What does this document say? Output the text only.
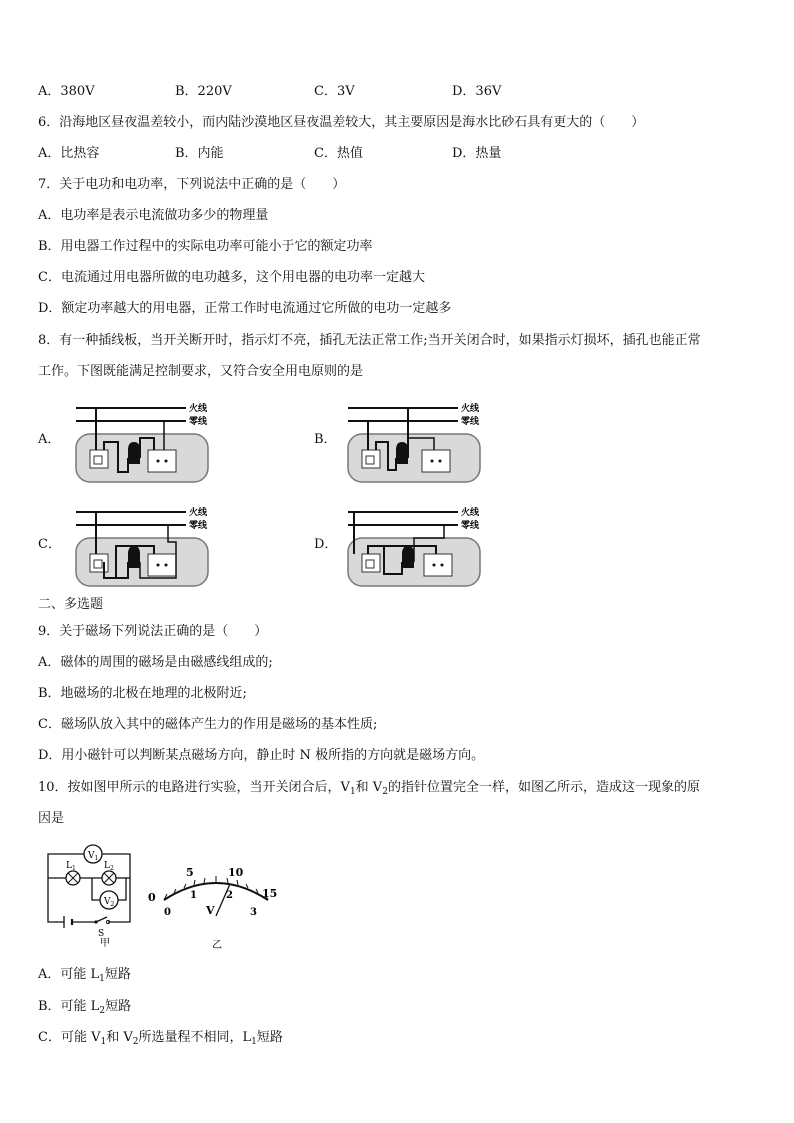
A．380V	B．220V	C．3V	D．36V
6．沿海地区昼夜温差较小，而内陆沙漠地区昼夜温差较大，其主要原因是海水比砂石具有更大的（　　）
A．比热容	B．内能	C．热值	D．热量
7．关于电功和电功率，下列说法中正确的是（　　）
A．电功率是表示电流做功多少的物理量
B．用电器工作过程中的实际电功率可能小于它的额定功率
C．电流通过用电器所做的电功越多，这个用电器的电功率一定越大
D．额定功率越大的用电器，正常工作时电流通过它所做的电功一定越多
8．有一种插线板，当开关断开时，指示灯不亮，插孔无法正常工作;当开关闭合时，如果指示灯损坏，插孔也能正常
工作。下图既能满足控制要求，又符合安全用电原则的是
A．	B．
C．	D．
火线
零线
火线
零线
火线
零线
火线
零线
二、多选题
9．关于磁场下列说法正确的是（　　）
A．磁体的周围的磁场是由磁感线组成的;
B．地磁场的北极在地理的北极附近;
C．磁场队放入其中的磁体产生力的作用是磁场的基本性质;
D．用小磁针可以判断某点磁场方向，静止时 N 极所指的方向就是磁场方向。
10．按如图甲所示的电路进行实验，当开关闭合后，$V_1$和 $V_2$的指针位置完全一样，如图乙所示，造成这一现象的原
因是
S
$V_1$
$L_1$	$L_2$
$V_2$
甲
0
5	10
15
0
1	2
3
V
乙
A．可能 $L_1$短路
B．可能 $L_2$短路
C．可能 $V_1$和 $V_2$所选量程不相同，$L_1$短路
